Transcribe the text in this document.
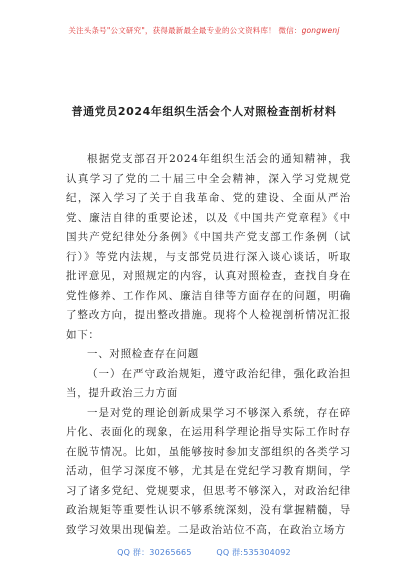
关注头条号"公文研究"，获得最新最全最专业的公文资料库！ 微信：gongwenj
普通党员2024年组织生活会个人对照检查剖析材料

根据党支部召开2024年组织生活会的通知精神，我认真学习了党的二十届三中全会精神，深入学习党规党纪，深入学习了关于自我革命、党的建设、全面从严治党、廉洁自律的重要论述，以及《中国共产党章程》《中国共产党纪律处分条例》《中国共产党支部工作条例（试行）》等党内法规，与支部党员进行深入谈心谈话，听取批评意见，对照规定的内容，认真对照检查，查找自身在党性修养、工作作风、廉洁自律等方面存在的问题，明确了整改方向，提出整改措施。现将个人检视剖析情况汇报如下：

一、对照检查存在问题

（一）在严守政治规矩，遵守政治纪律，强化政治担当，提升政治三力方面

一是对党的理论创新成果学习不够深入系统，存在碎片化、表面化的现象，在运用科学理论指导实际工作时存在脱节情况。比如，虽能够按时参加支部组织的各类学习活动，但学习深度不够，尤其是在党纪学习教育期间，学习了诸多党纪、党规要求，但思考不够深入，对政治纪律政治规矩等重要性认识不够系统深刻，没有掌握精髓，导致学习效果出现偏差。二是政治站位不高，在政治立场方

QQ 群：30265665	QQ 群:535304092
